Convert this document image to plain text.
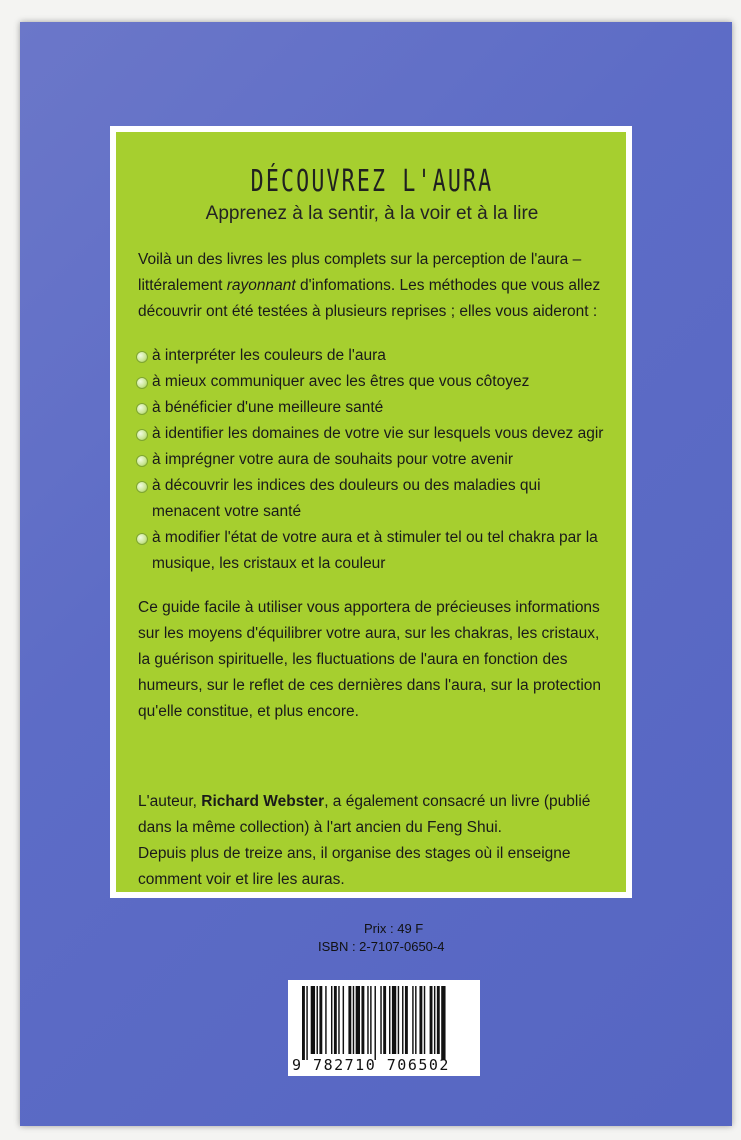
DÉCOUVREZ L'AURA
Apprenez à la sentir, à la voir et à la lire
Voilà un des livres les plus complets sur la perception de l'aura – littéralement rayonnant d'infomations. Les méthodes que vous allez découvrir ont été testées à plusieurs reprises ; elles vous aideront :
à interpréter les couleurs de l'aura
à mieux communiquer avec les êtres que vous côtoyez
à bénéficier d'une meilleure santé
à identifier les domaines de votre vie sur lesquels vous devez agir
à imprégner votre aura de souhaits pour votre avenir
à découvrir les indices des douleurs ou des maladies qui menacent votre santé
à modifier l'état de votre aura et à stimuler tel ou tel chakra par la musique, les cristaux et la couleur
Ce guide facile à utiliser vous apportera de précieuses informations sur les moyens d'équilibrer votre aura, sur les chakras, les cristaux, la guérison spirituelle, les fluctuations de l'aura en fonction des humeurs, sur le reflet de ces dernières dans l'aura, sur la protection qu'elle constitue, et plus encore.
L'auteur, Richard Webster, a également consacré un livre (publié dans la même collection) à l'art ancien du Feng Shui.
Depuis plus de treize ans, il organise des stages où il enseigne comment voir et lire les auras.
Prix : 49 F
ISBN : 2-7107-0650-4
9 782710 706502
